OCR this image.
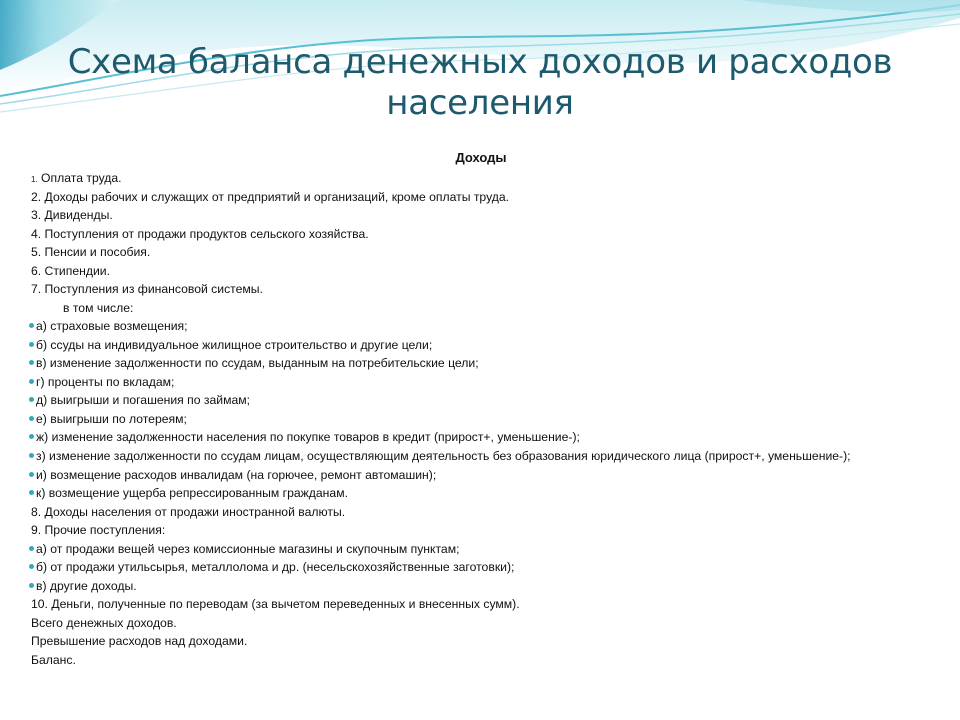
Схема баланса денежных доходов и расходов
населения
Доходы
1. Оплата труда.
2. Доходы рабочих и служащих от предприятий и организаций, кроме оплаты труда.
3. Дивиденды.
4. Поступления от продажи продуктов сельского хозяйства.
5. Пенсии и пособия.
6. Стипендии.
7. Поступления из финансовой системы.
в том числе:
а) страховые возмещения;
б) ссуды на индивидуальное жилищное строительство и другие цели;
в) изменение задолженности по ссудам, выданным на потребительские цели;
г) проценты по вкладам;
д) выигрыши и погашения по займам;
е) выигрыши по лотереям;
ж) изменение задолженности населения по покупке товаров в кредит (прирост+, уменьшение-);
з) изменение задолженности по ссудам лицам, осуществляющим деятельность без образования юридического лица (прирост+, уменьшение-);
и) возмещение расходов инвалидам (на горючее, ремонт автомашин);
к) возмещение ущерба репрессированным гражданам.
8. Доходы населения от продажи иностранной валюты.
9. Прочие поступления:
а) от продажи вещей через комиссионные магазины и скупочным пунктам;
б) от продажи утильсырья, металлолома и др. (несельскохозяйственные заготовки);
в) другие доходы.
10. Деньги, полученные по переводам (за вычетом переведенных и внесенных сумм).
Всего денежных доходов.
Превышение расходов над доходами.
Баланс.
